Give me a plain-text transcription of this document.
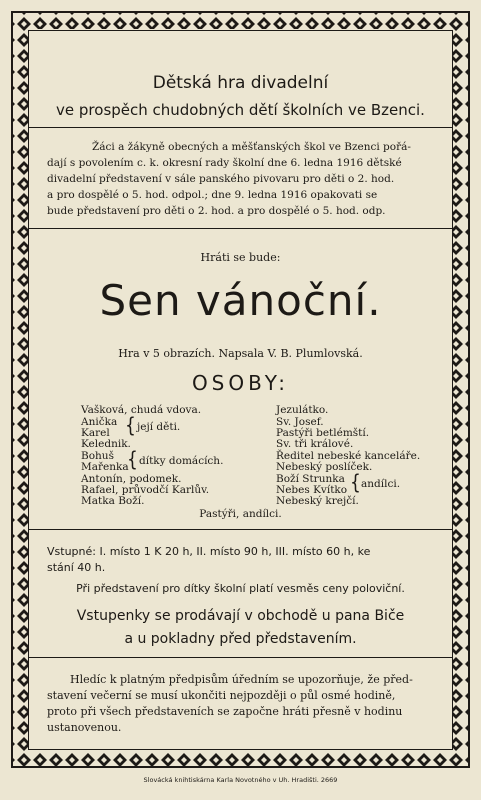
Dětská hra divadelní
ve prospěch chudobných dětí školních ve Bzenci.
Žáci a žákyně obecných a měšťanských škol ve Bzenci pořá-
dají s povolením c. k. okresní rady školní dne 6. ledna 1916 dětské
divadelní představení v sále panského pivovaru pro děti o 2. hod.
a pro dospělé o 5. hod. odpol.; dne 9. ledna 1916 opakovati se
bude představení pro děti o 2. hod. a pro dospělé o 5. hod. odp.
Hráti se bude:
Sen vánoční.
Hra v 5 obrazích. Napsala V. B. Plumlovská.
OSOBY:
Vašková, chudá vdova.
Anička
Karel { její děti.
Kelednik.
Bohuš
Mařenka
{ dítky domácích.
Antonín, podomek.
Rafael, průvodčí Karlův.
Matka Boží.
Jezulátko.
Sv. Josef.
Pastýři betlémští.
Sv. tři králové.
Ředitel nebeské kanceláře.
Nebeský poslíček.
Boží Strunka
Nebes Kvítko { andílci.
Nebeský krejčí.
Pastýři, andílci.
Vstupné: I. místo 1 K 20 h, II. místo 90 h, III. místo 60 h, ke
stání 40 h.
Při představení pro dítky školní platí vesměs ceny poloviční.
Vstupenky se prodávají v obchodě u pana Biče
a u pokladny před představením.
Hledíc k platným předpisům úředním se upozorňuje, že před-
stavení večerní se musí ukončiti nejpozději o půl osmé hodině,
proto při všech představeních se započne hráti přesně v hodinu
ustanovenou.
Slovácká knihtiskárna Karla Novotného v Uh. Hradišti. 2669
